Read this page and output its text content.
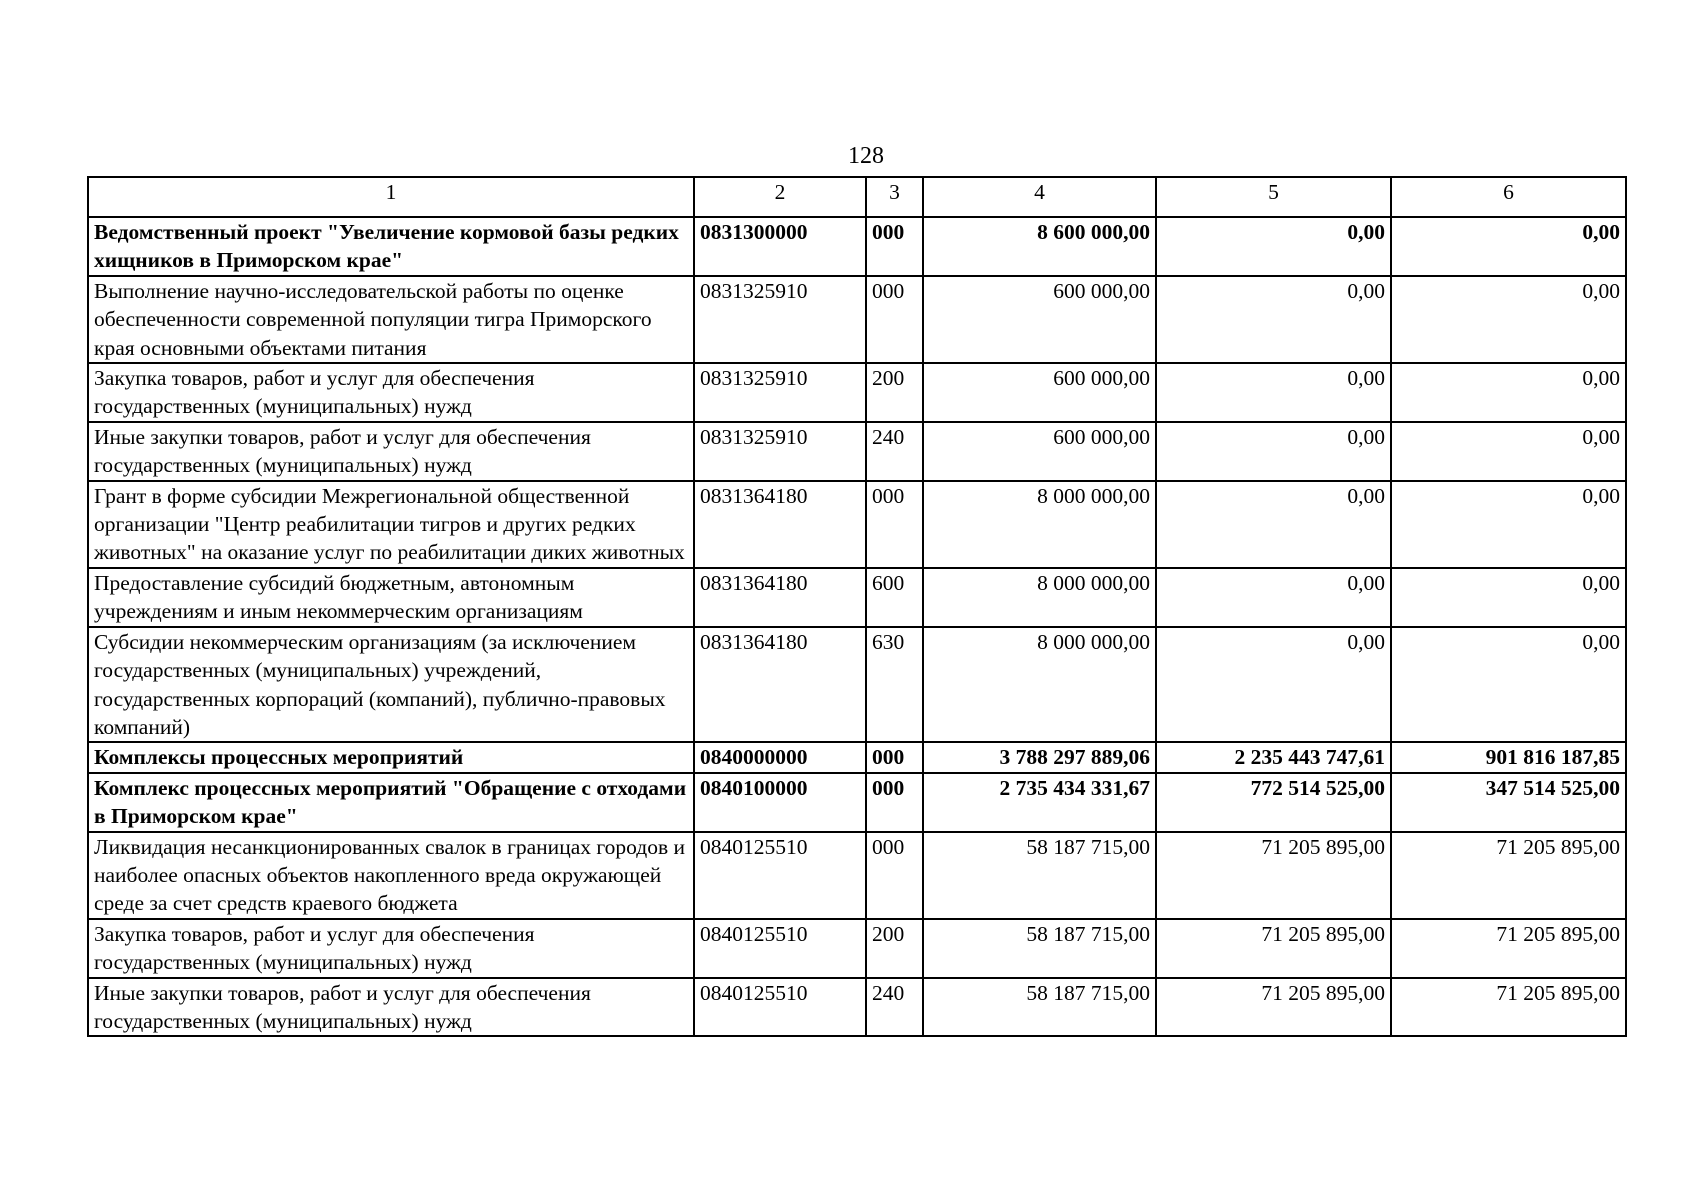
128
1	2	3	4	5	6
Ведомственный проект "Увеличение кормовой базы редких хищников в Приморском крае"	0831300000	000	8 600 000,00	0,00	0,00
Выполнение научно-исследовательской работы по оценке обеспеченности современной популяции тигра Приморского края основными объектами питания	0831325910	000	600 000,00	0,00	0,00
Закупка товаров, работ и услуг для обеспечения государственных (муниципальных) нужд	0831325910	200	600 000,00	0,00	0,00
Иные закупки товаров, работ и услуг для обеспечения государственных (муниципальных) нужд	0831325910	240	600 000,00	0,00	0,00
Грант в форме субсидии Межрегиональной общественной организации "Центр реабилитации тигров и других редких животных" на оказание услуг по реабилитации диких животных	0831364180	000	8 000 000,00	0,00	0,00
Предоставление субсидий бюджетным, автономным учреждениям и иным некоммерческим организациям	0831364180	600	8 000 000,00	0,00	0,00
Субсидии некоммерческим организациям (за исключением государственных (муниципальных) учреждений, государственных корпораций (компаний), публично-правовых компаний)	0831364180	630	8 000 000,00	0,00	0,00
Комплексы процессных мероприятий	0840000000	000	3 788 297 889,06	2 235 443 747,61	901 816 187,85
Комплекс процессных мероприятий "Обращение с отходами в Приморском крае"	0840100000	000	2 735 434 331,67	772 514 525,00	347 514 525,00
Ликвидация несанкционированных свалок в границах городов и наиболее опасных объектов накопленного вреда окружающей среде за счет средств краевого бюджета	0840125510	000	58 187 715,00	71 205 895,00	71 205 895,00
Закупка товаров, работ и услуг для обеспечения государственных (муниципальных) нужд	0840125510	200	58 187 715,00	71 205 895,00	71 205 895,00
Иные закупки товаров, работ и услуг для обеспечения государственных (муниципальных) нужд	0840125510	240	58 187 715,00	71 205 895,00	71 205 895,00
